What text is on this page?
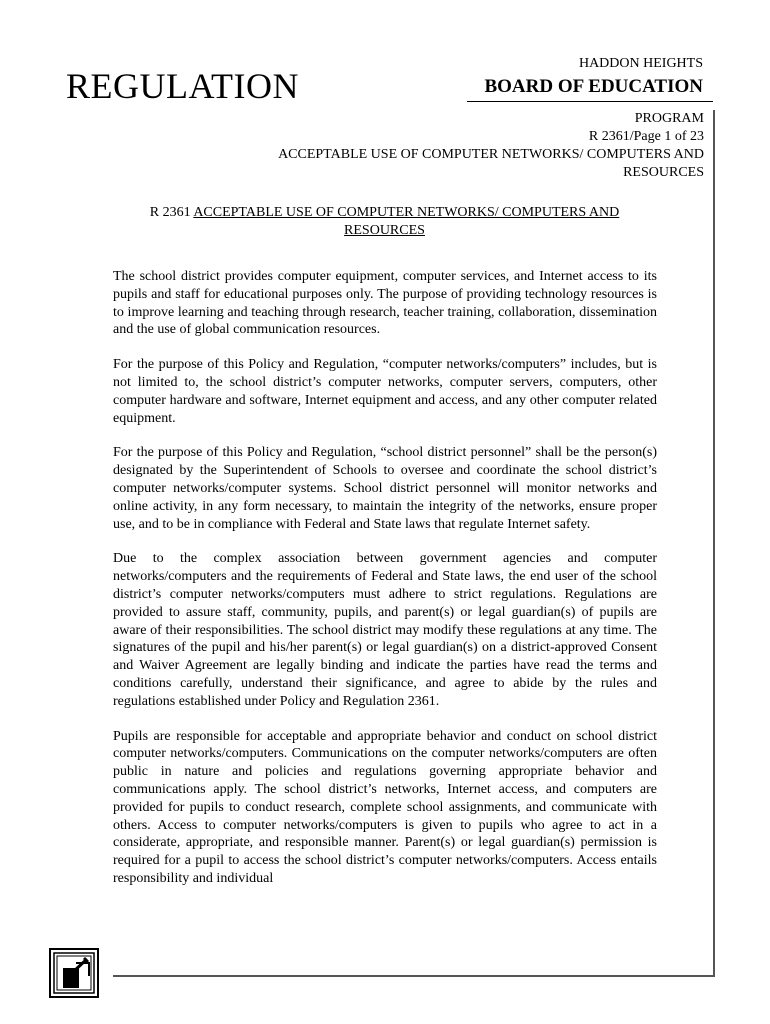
REGULATION
HADDON HEIGHTS
BOARD OF EDUCATION
PROGRAM
R 2361/Page 1 of 23
ACCEPTABLE USE OF COMPUTER NETWORKS/ COMPUTERS AND
RESOURCES
R 2361 ACCEPTABLE USE OF COMPUTER NETWORKS/ COMPUTERS AND
RESOURCES

The school district provides computer equipment, computer services, and Internet access to its pupils and staff for educational purposes only. The purpose of providing technology resources is to improve learning and teaching through research, teacher training, collaboration, dissemination and the use of global communication resources.

For the purpose of this Policy and Regulation, “computer networks/computers” includes, but is not limited to, the school district’s computer networks, computer servers, computers, other computer hardware and software, Internet equipment and access, and any other computer related equipment.

For the purpose of this Policy and Regulation, “school district personnel” shall be the person(s) designated by the Superintendent of Schools to oversee and coordinate the school district’s computer networks/computer systems. School district personnel will monitor networks and online activity, in any form necessary, to maintain the integrity of the networks, ensure proper use, and to be in compliance with Federal and State laws that regulate Internet safety.

Due to the complex association between government agencies and computer networks/computers and the requirements of Federal and State laws, the end user of the school district’s computer networks/computers must adhere to strict regulations. Regulations are provided to assure staff, community, pupils, and parent(s) or legal guardian(s) of pupils are aware of their responsibilities. The school district may modify these regulations at any time. The signatures of the pupil and his/her parent(s) or legal guardian(s) on a district-approved Consent and Waiver Agreement are legally binding and indicate the parties have read the terms and conditions carefully, understand their significance, and agree to abide by the rules and regulations established under Policy and Regulation 2361.

Pupils are responsible for acceptable and appropriate behavior and conduct on school district computer networks/computers. Communications on the computer networks/computers are often public in nature and policies and regulations governing appropriate behavior and communications apply. The school district’s networks, Internet access, and computers are provided for pupils to conduct research, complete school assignments, and communicate with others. Access to computer networks/computers is given to pupils who agree to act in a considerate, appropriate, and responsible manner. Parent(s) or legal guardian(s) permission is required for a pupil to access the school district’s computer networks/computers. Access entails responsibility and individual
